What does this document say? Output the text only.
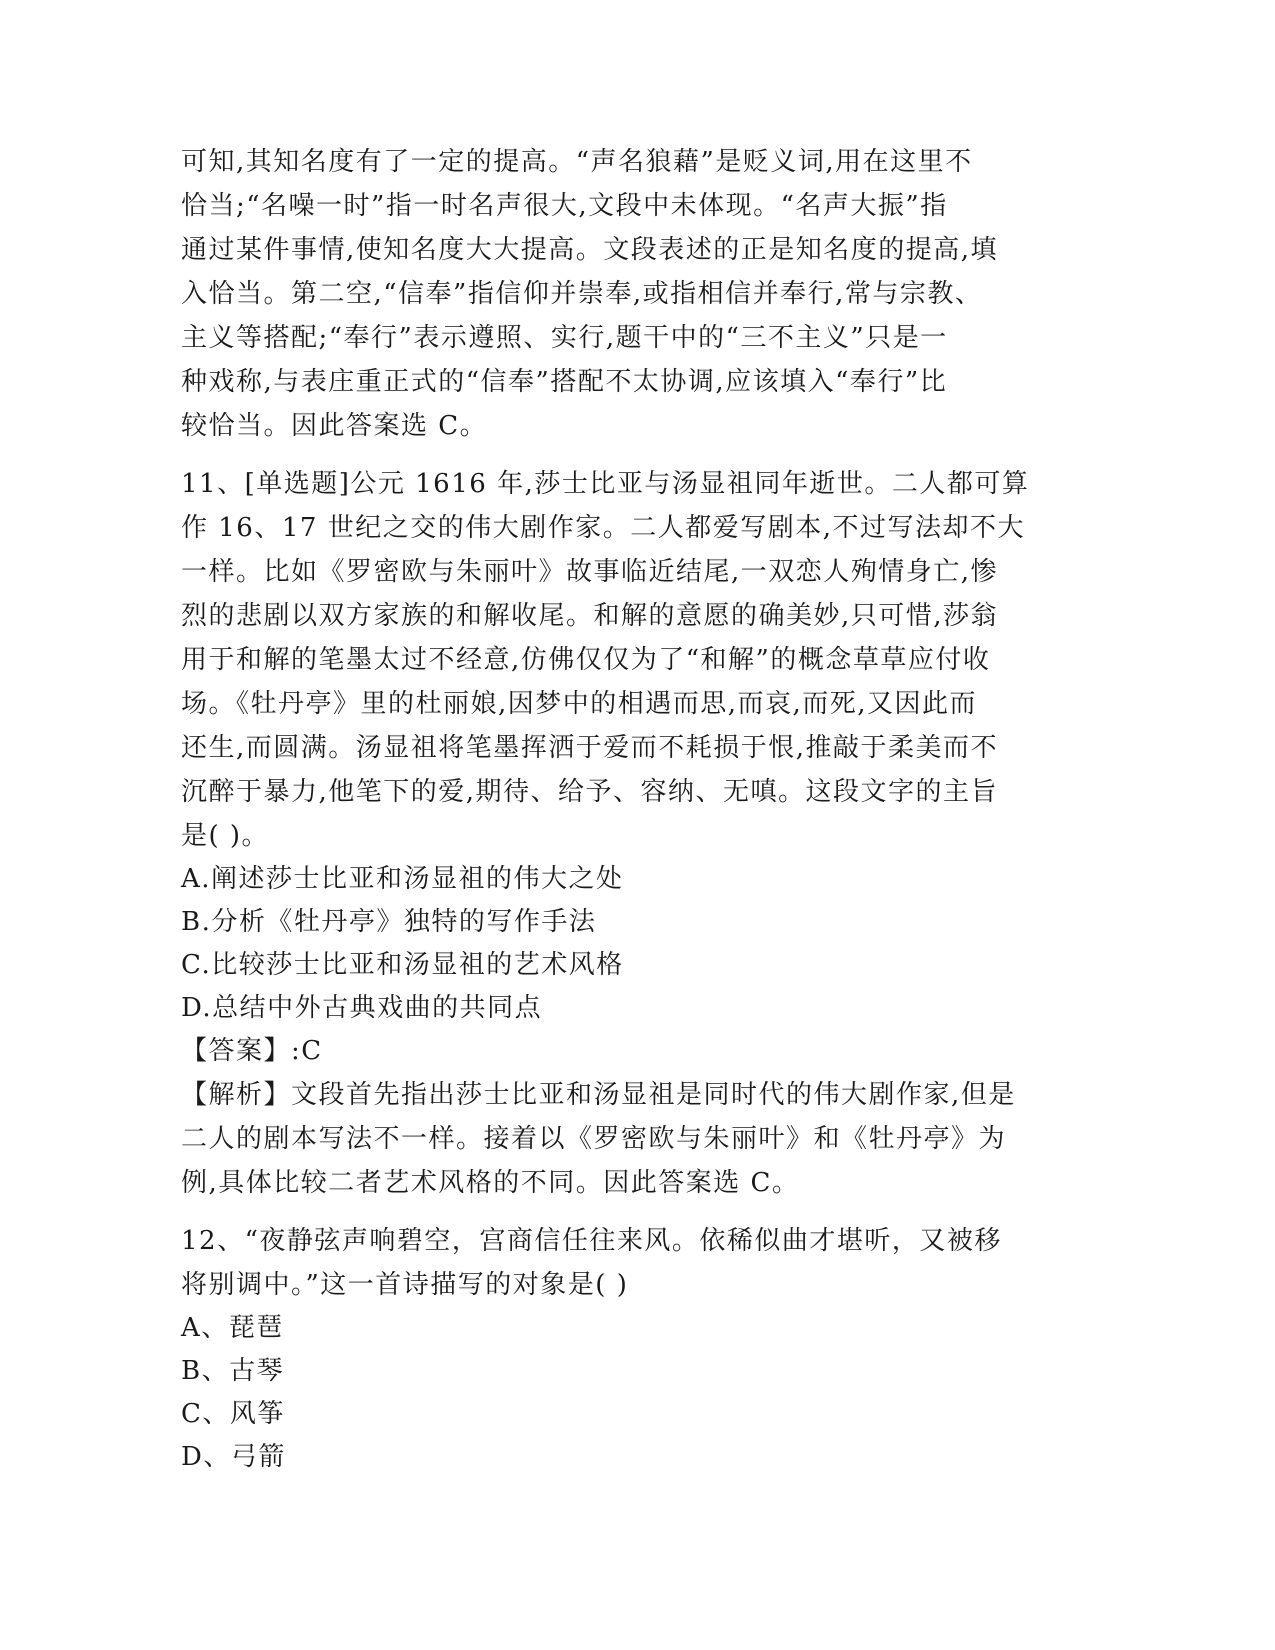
可知,其知名度有了一定的提高。“声名狼藉”是贬义词,用在这里不
恰当;“名噪一时”指一时名声很大,文段中未体现。“名声大振”指
通过某件事情,使知名度大大提高。文段表述的正是知名度的提高,填
入恰当。第二空,“信奉”指信仰并崇奉,或指相信并奉行,常与宗教、
主义等搭配;“奉行”表示遵照、实行,题干中的“三不主义”只是一
种戏称,与表庄重正式的“信奉”搭配不太协调,应该填入“奉行”比
较恰当。因此答案选 C。
11、[单选题]公元 1616 年,莎士比亚与汤显祖同年逝世。二人都可算
作 16、17 世纪之交的伟大剧作家。二人都爱写剧本,不过写法却不大
一样。比如《罗密欧与朱丽叶》故事临近结尾,一双恋人殉情身亡,惨
烈的悲剧以双方家族的和解收尾。和解的意愿的确美妙,只可惜,莎翁
用于和解的笔墨太过不经意,仿佛仅仅为了“和解”的概念草草应付收
场。《牡丹亭》里的杜丽娘,因梦中的相遇而思,而哀,而死,又因此而
还生,而圆满。汤显祖将笔墨挥洒于爱而不耗损于恨,推敲于柔美而不
沉醉于暴力,他笔下的爱,期待、给予、容纳、无嗔。这段文字的主旨
是( )。
A.阐述莎士比亚和汤显祖的伟大之处
B.分析《牡丹亭》独特的写作手法
C.比较莎士比亚和汤显祖的艺术风格
D.总结中外古典戏曲的共同点
【答案】:C
【解析】文段首先指出莎士比亚和汤显祖是同时代的伟大剧作家,但是
二人的剧本写法不一样。接着以《罗密欧与朱丽叶》和《牡丹亭》为
例,具体比较二者艺术风格的不同。因此答案选 C。
12、“夜静弦声响碧空，宫商信任往来风。依稀似曲才堪听，又被移
将别调中。”这一首诗描写的对象是( )
A、琵琶
B、古琴
C、风筝
D、弓箭
